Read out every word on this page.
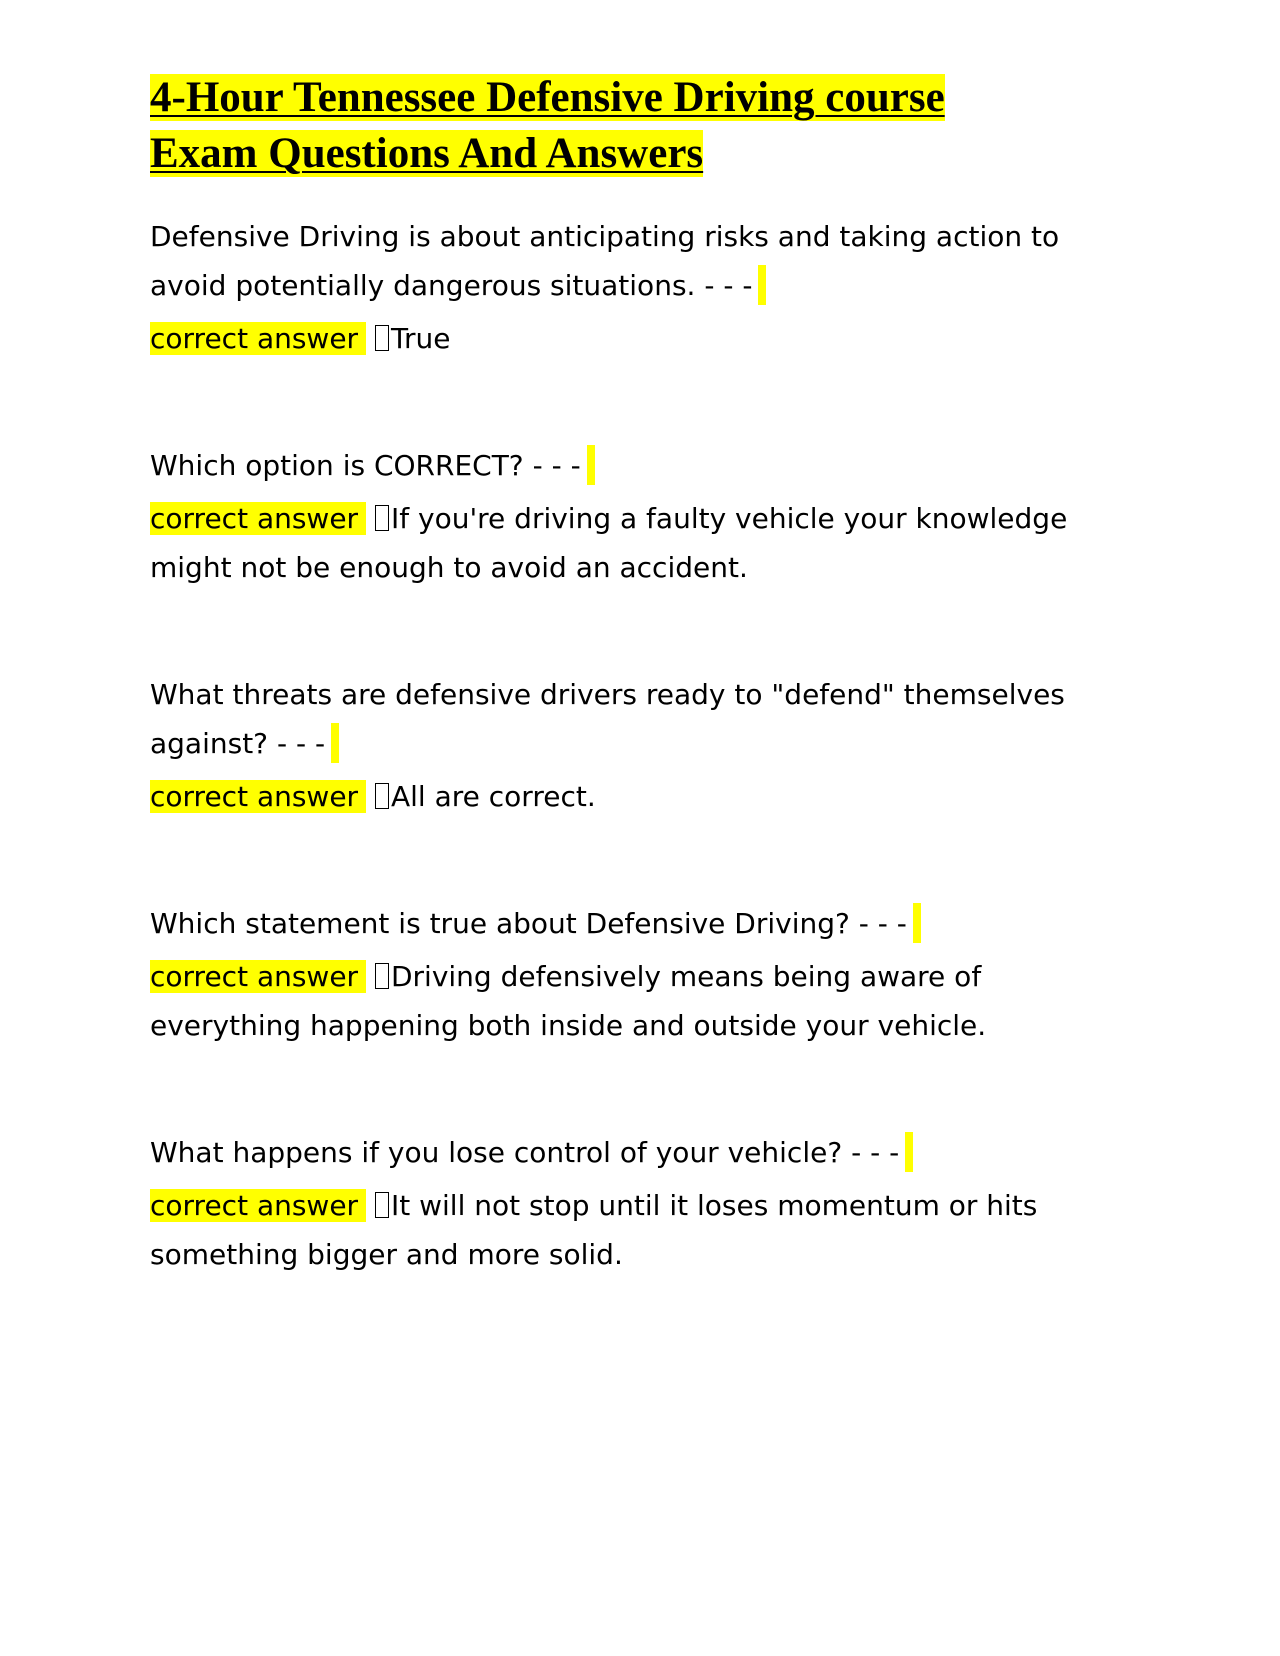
4-Hour Tennessee Defensive Driving course
Exam Questions And Answers

Defensive Driving is about anticipating risks and taking action to avoid potentially dangerous situations. - - -

correct answer True

Which option is CORRECT? - - -

correct answer If you're driving a faulty vehicle your knowledge might not be enough to avoid an accident.

What threats are defensive drivers ready to "defend" themselves against? - - -

correct answer All are correct.

Which statement is true about Defensive Driving? - - -

correct answer Driving defensively means being aware of everything happening both inside and outside your vehicle.

What happens if you lose control of your vehicle? - - -

correct answer It will not stop until it loses momentum or hits something bigger and more solid.
